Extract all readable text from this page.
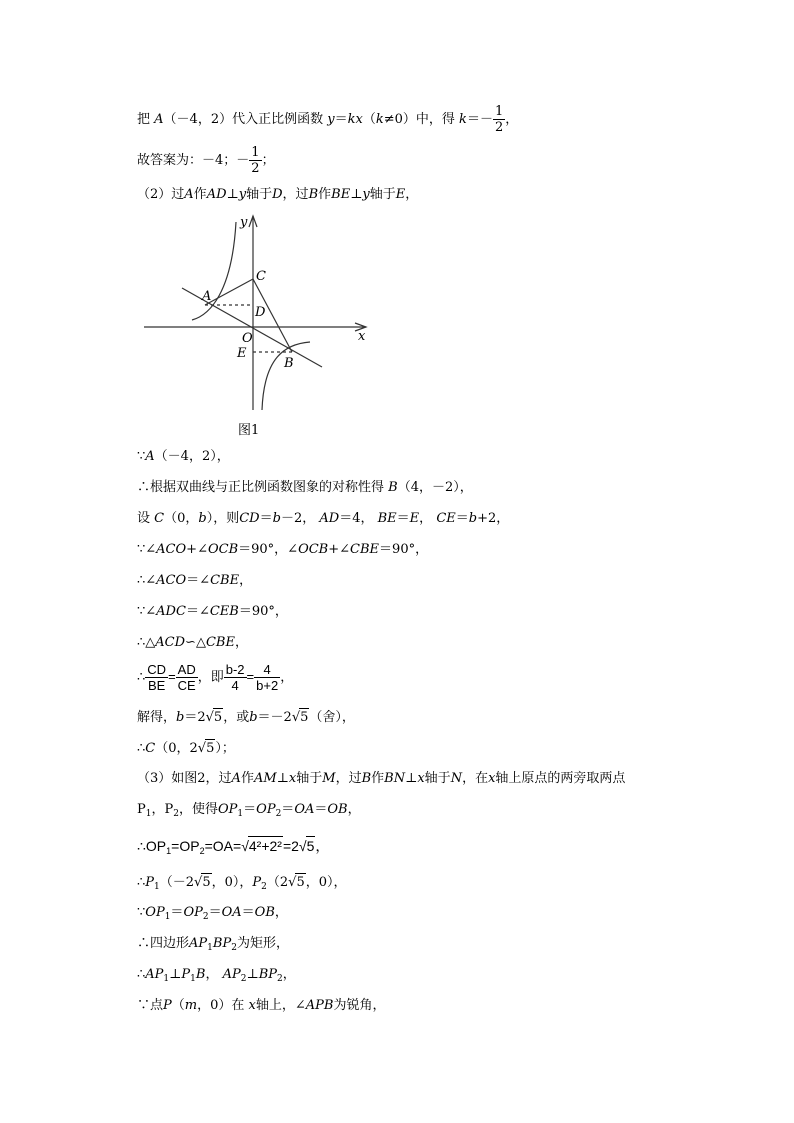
把 A（－4，2）代入正比例函数 y＝kx（k≠0）中，得 $k=- \frac{1}{2}$ ，
故答案为：－4；－ $\frac{1}{2}$ ；
（2）过A作AD⊥y轴于D，过B作BE⊥y轴于E，
y
x
C
A
D
O
E
B
图1
∵A（－4，2），
∴根据双曲线与正比例函数图象的对称性得 B（4，－2），
设 C（0，b），则CD＝b－2， AD＝4， BE＝E， CE＝b+2，
∵∠ACO+∠OCB＝90°，∠OCB+∠CBE＝90°，
∴∠ACO＝∠CBE，
∵∠ADC＝∠CEB＝90°，
∴△ACD∽△CBE，
∴ $\frac{CD}{BE} = \frac{AD}{CE}$ ，即 $\frac{b-2}{4} = \frac{4}{b+2}$ ，
解得，b＝2√5，或b＝－2√5（舍），
∴C（0，2√5）；
（3）如图2，过A作AM⊥x轴于M，过B作BN⊥x轴于N，在x轴上原点的两旁取两点
$P_1$，$P_2$，使得$OP_1=OP_2=OA=OB$，
$\therefore OP_1=OP_2=OA=√4^2+2^2=2√5$，
$\therefore P_1(-2√5$，0），$P_2(2√5$，0），
$\because OP_1=OP_2=OA=OB$，
∴四边形$AP_1BP_2$为矩形，
$\therefore AP_1\perp P_1B$， $AP_2\perp BP_2$，
∵点P（m，0）在 x轴上，∠APB为锐角，
